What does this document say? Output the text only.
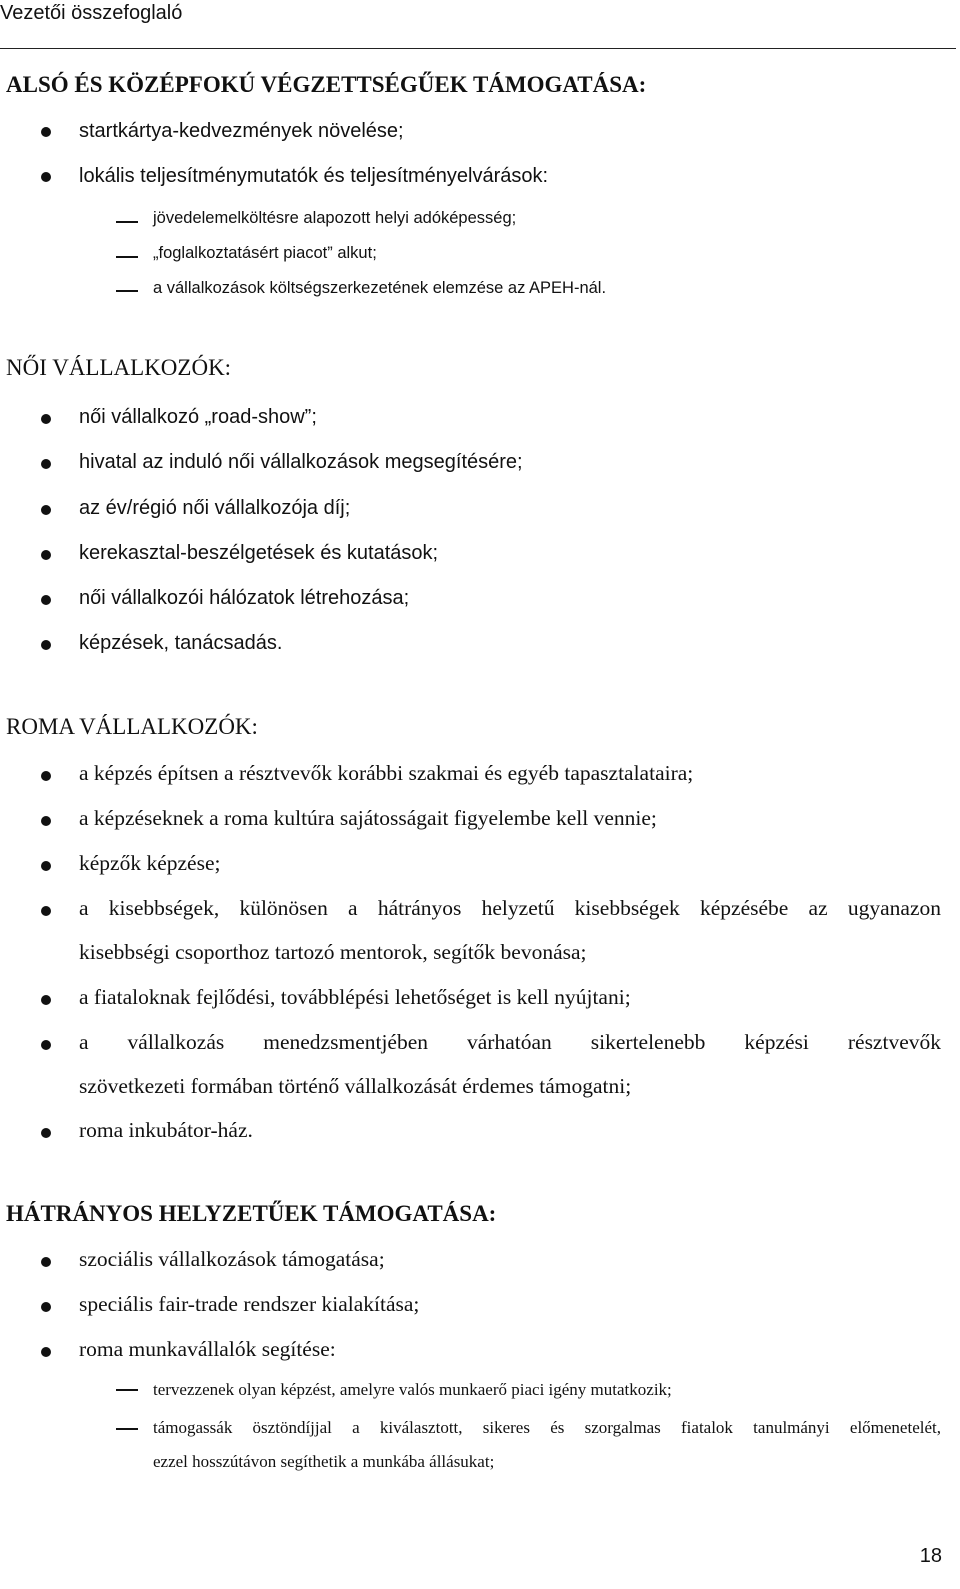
Vezetői összefoglaló
ALSÓ ÉS KÖZÉPFOKÚ VÉGZETTSÉGŰEK TÁMOGATÁSA:
startkártya-kedvezmények növelése;
lokális teljesítménymutatók és teljesítményelvárások:
jövedelemelköltésre alapozott helyi adóképesség;
„foglalkoztatásért piacot” alkut;
a vállalkozások költségszerkezetének elemzése az APEH-nál.
NŐI VÁLLALKOZÓK:
női vállalkozó „road-show”;
hivatal az induló női vállalkozások megsegítésére;
az év/régió női vállalkozója díj;
kerekasztal-beszélgetések és kutatások;
női vállalkozói hálózatok létrehozása;
képzések, tanácsadás.
ROMA VÁLLALKOZÓK:
a képzés építsen a résztvevők korábbi szakmai és egyéb tapasztalataira;
a képzéseknek a roma kultúra sajátosságait figyelembe kell vennie;
képzők képzése;
a kisebbségek, különösen a hátrányos helyzetű kisebbségek képzésébe az ugyanazon
kisebbségi csoporthoz tartozó mentorok, segítők bevonása;
a fiataloknak fejlődési, továbblépési lehetőséget is kell nyújtani;
a vállalkozás menedzsmentjében várhatóan sikertelenebb képzési résztvevők
szövetkezeti formában történő vállalkozását érdemes támogatni;
roma inkubátor-ház.
HÁTRÁNYOS HELYZETŰEK TÁMOGATÁSA:
szociális vállalkozások támogatása;
speciális fair-trade rendszer kialakítása;
roma munkavállalók segítése:
tervezzenek olyan képzést, amelyre valós munkaerő piaci igény mutatkozik;
támogassák ösztöndíjjal a kiválasztott, sikeres és szorgalmas fiatalok tanulmányi előmenetelét,
ezzel hosszútávon segíthetik a munkába állásukat;
18
